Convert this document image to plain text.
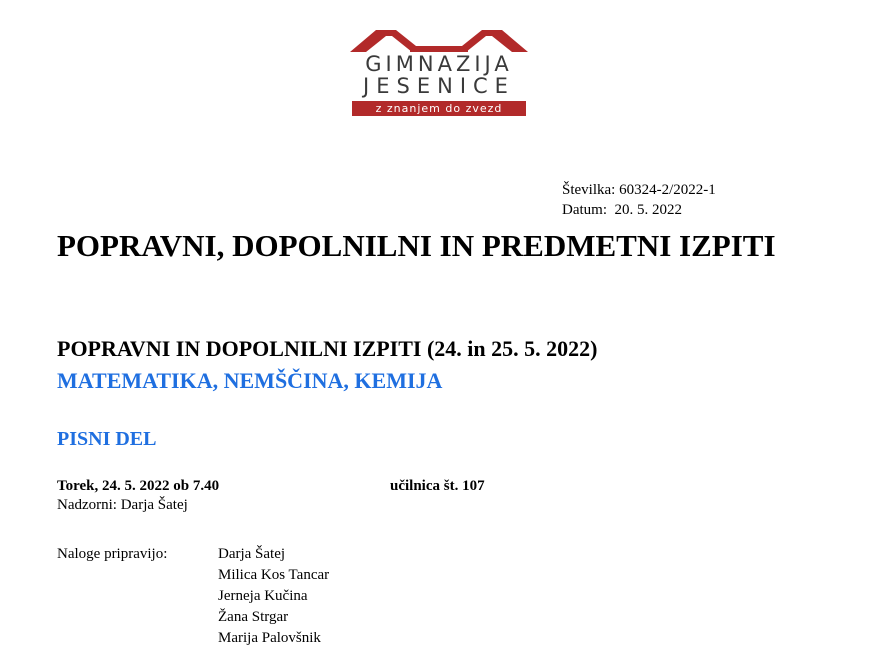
GIMNAZIJA
JESENICE
z znanjem do zvezd
Številka: 60324-2/2022-1
Datum:  20. 5. 2022
POPRAVNI, DOPOLNILNI IN PREDMETNI IZPITI
POPRAVNI IN DOPOLNILNI IZPITI (24. in 25. 5. 2022)
MATEMATIKA, NEMŠČINA, KEMIJA
PISNI DEL
Torek, 24. 5. 2022 ob 7.40	učilnica št. 107
Nadzorni: Darja Šatej
Naloge pripravijo:	Darja Šatej
Milica Kos Tancar
Jerneja Kučina
Žana Strgar
Marija Palovšnik
